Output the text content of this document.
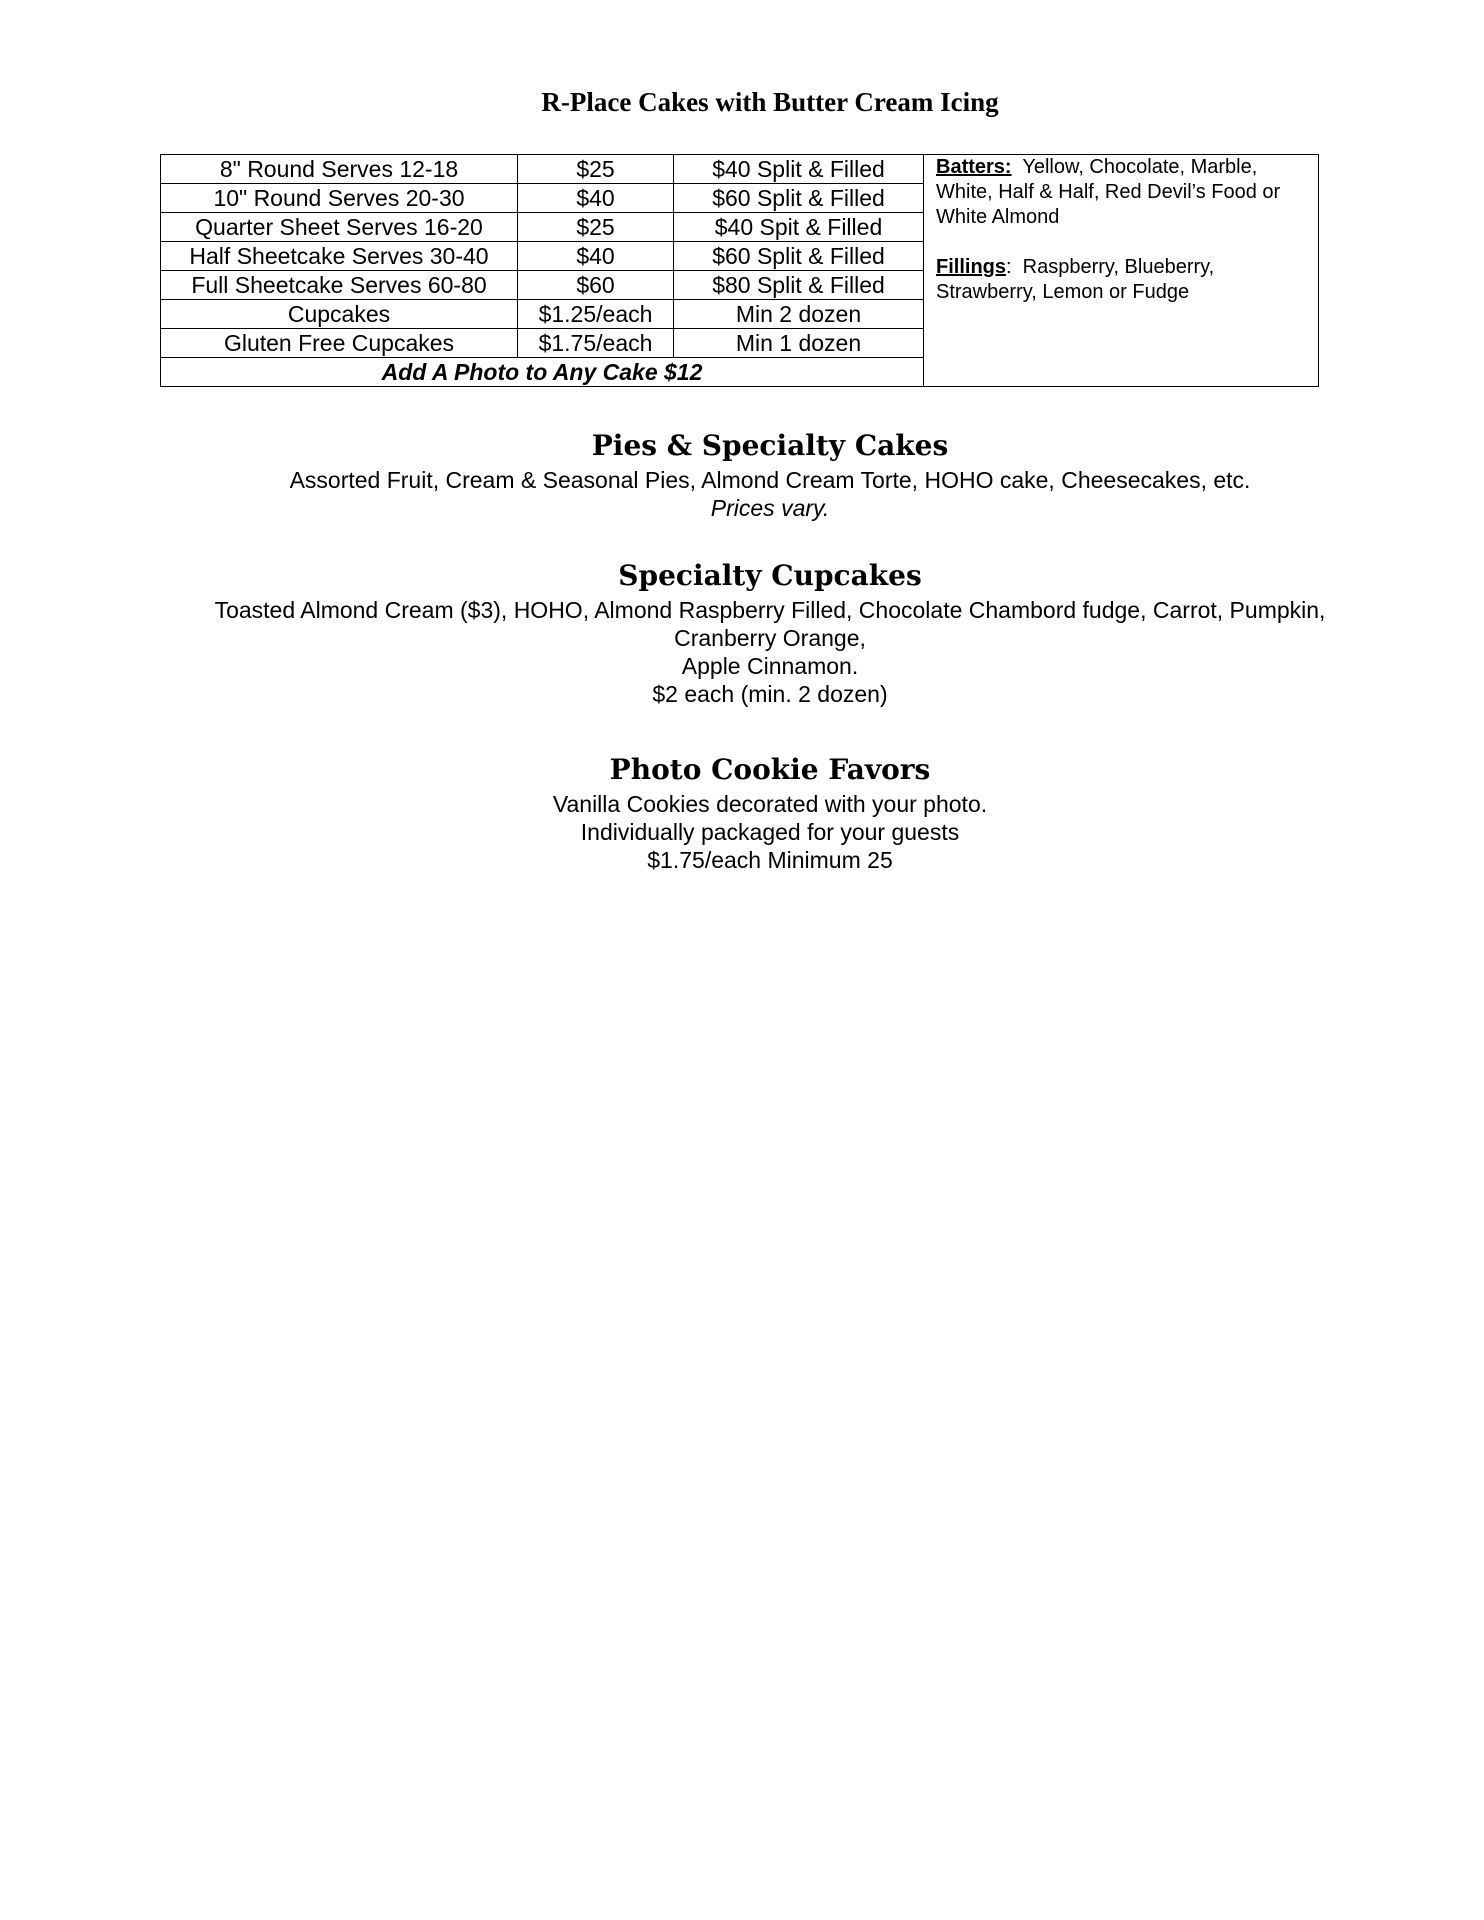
R-Place Cakes with Butter Cream Icing
8" Round Serves 12-18	$25	$40 Split & Filled	Batters: Yellow, Chocolate, Marble, White, Half & Half, Red Devil’s Food or White Almond
Fillings:  Raspberry, Blueberry, Strawberry, Lemon or Fudge
10" Round Serves 20-30	$40	$60 Split & Filled	
Quarter Sheet Serves 16-20	$25	$40 Spit & Filled	
Half Sheetcake Serves 30-40	$40	$60 Split & Filled	
Full Sheetcake Serves 60-80	$60	$80 Split & Filled	
Cupcakes	$1.25/each	Min 2 dozen	
Gluten Free Cupcakes	$1.75/each	Min 1 dozen	
Add A Photo to Any Cake $12			
Pies & Specialty Cakes
Assorted Fruit, Cream & Seasonal Pies, Almond Cream Torte, HOHO cake, Cheesecakes, etc.
Prices vary.
Specialty Cupcakes
Toasted Almond Cream ($3), HOHO, Almond Raspberry Filled, Chocolate Chambord fudge, Carrot, Pumpkin,
Cranberry Orange,
Apple Cinnamon.
$2 each (min. 2 dozen)
Photo Cookie Favors
Vanilla Cookies decorated with your photo.
Individually packaged for your guests
$1.75/each Minimum 25
